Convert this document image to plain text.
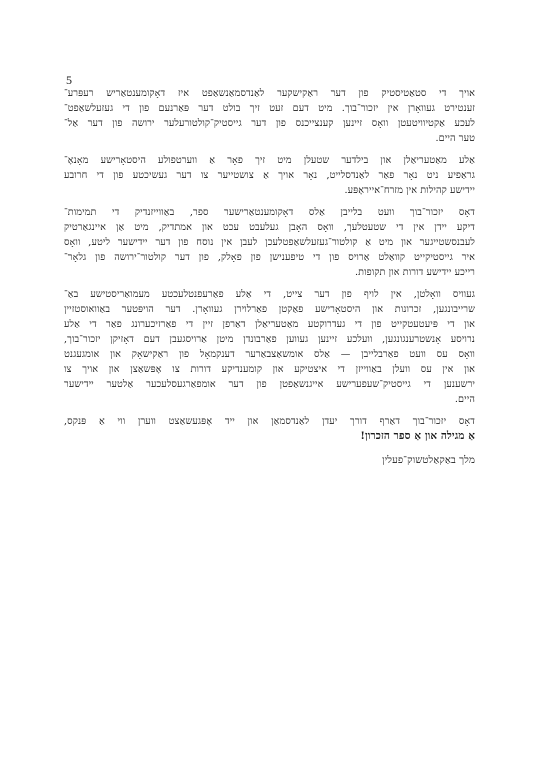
5
אויך די סטאַטיסטיק פון דער ראַקישקער לאַנדסמאַנשאַפט איז דאָקומענטאַריש רעפּרע־
זענטירט געוואָרן אין יזכור־בוך. מיט דעם זעט זיך בולט דער פּאַרנעם פון די געזעלשאַפט־
לעכע אַקטיוויטעטן וואָס זיינען קענצייכנס פון דער גייסטיק־קולטורעלער ירושה פון דער אַל־
טער היים.
אַלע מאַטעריאַלן און בילדער שטעלן מיט זיך פאָר אַ ווערטפולע היסטאָרישע מאָנאָ־
גראַפיע ניט נאָר פאַר לאַנדסלייט, נאָר אויך אַ צושטייער צו דער געשיכטע פון די חרובע
יידישע קהילות אין מזרח־אייראָפּע.
דאָס יזכור־בוך וועט בלייבן אַלס דאָקומענטאַרישער ספר, באַווייזנדיק די תמימות־
דיקע יידן אין די שטעטלעך, וואָס האָבן געלעבט עכט און אמתדיק, מיט אַן איינגאַרטיק
לעבנסשטייגער און מיט אַ קולטור־געזעלשאַפטלעכן לעבן אין נוסח פון דער יידישער ליטע, וואָס
איר גייסטיקייט קוואַלט אַרויס פון די טיפענישן פון פאָלק, פון דער קולטור־ירושה פון גלאָר־
רייכע יידישע דורות און תקופות.
געוויס וואָלטן, אין לויף פון דער צייט, די אַלע פאַרעפנטלעכטע מעמואַריסטישע באַ־
שרייבונגען, זכרונות און היסטאָרישע פאַקטן פאַרלוירן געוואָרן. דער הויפּטער באַוואוסטזיין
און די פּיעטעטקייט פון די געדרוקטע מאַטעריאַלן דאַרפן זיין די פאַרזיכערונג פאַר די אַלע
נרויסע אָנשטרענגונגען, וועלכע זיינען געווען פאַרבונדן מיטן אַרויסגעבן דעם דאָזיקן יזכור־בוך,
וואָס עס וועט פאַרבלייבן — אַלס אומשאַצבאַרער דענקמאָל פון ראַקישאָק און אומגעגנט
און אין עס וועלן באַווייזן די איצטיקע און קומענדיקע דורות צו אָפּשאַצן און אויך צו
ירשענען די גייסטיק־שעפערישע אייגנשאַפטן פון דער אומפאַרגעסלעכער אַלטער יידישער
היים.
דאָס יזכור־בוך דאַרף דורך יעדן לאַנדסמאַן און ייד אָפּגעשאַצט ווערן ווי אַ פּנקס,
אַ מגילה און אַ ספר הזכרון!
מלך באַקאַלטשוק־פעלין
